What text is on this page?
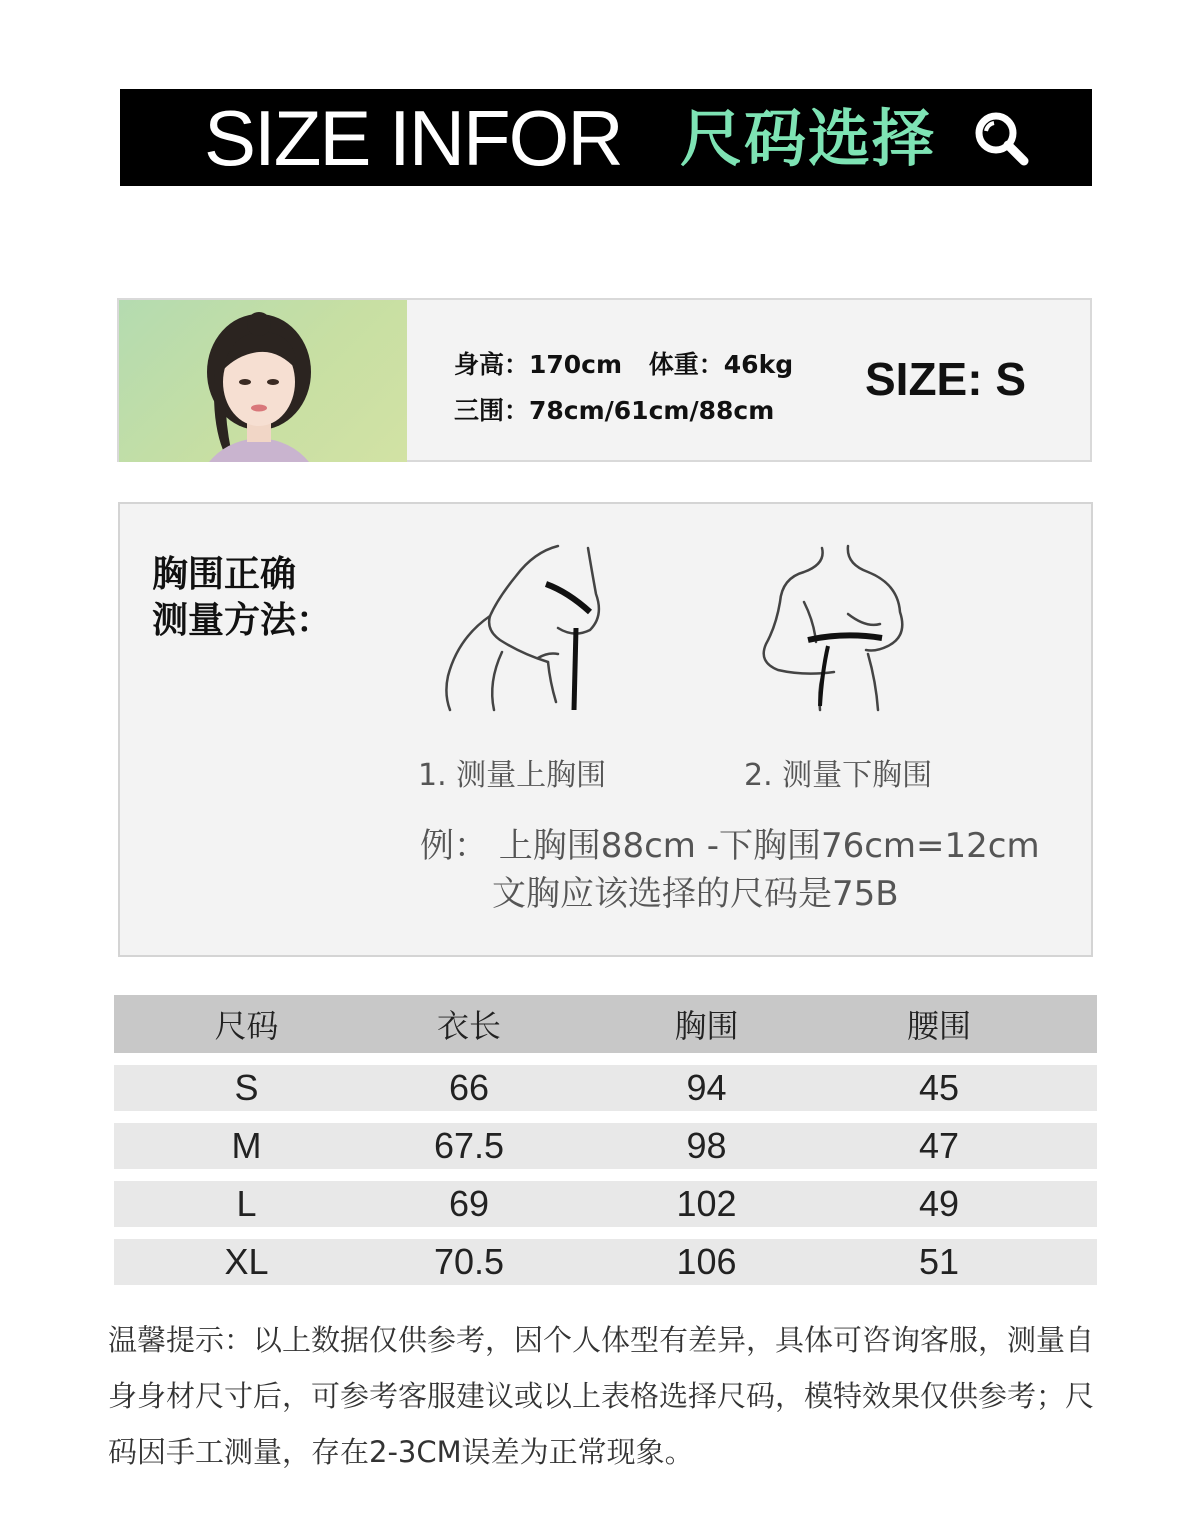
SIZE INFOR 尺码选择
身高：170cm 体重：46kg
三围：78cm/61cm/88cm
SIZE: S
胸围正确
测量方法：
1. 测量上胸围	2. 测量下胸围
例： 上胸围88cm -下胸围76cm=12cm
文胸应该选择的尺码是75B
尺码	衣长	胸围	腰围
S	66	94	45
M	67.5	98	47
L	69	102	49
XL	70.5	106	51
温馨提示：以上数据仅供参考，因个人体型有差异，具体可咨询客服，测量自身身材尺寸后，可参考客服建议或以上表格选择尺码，模特效果仅供参考；尺码因手工测量，存在2-3CM误差为正常现象。
